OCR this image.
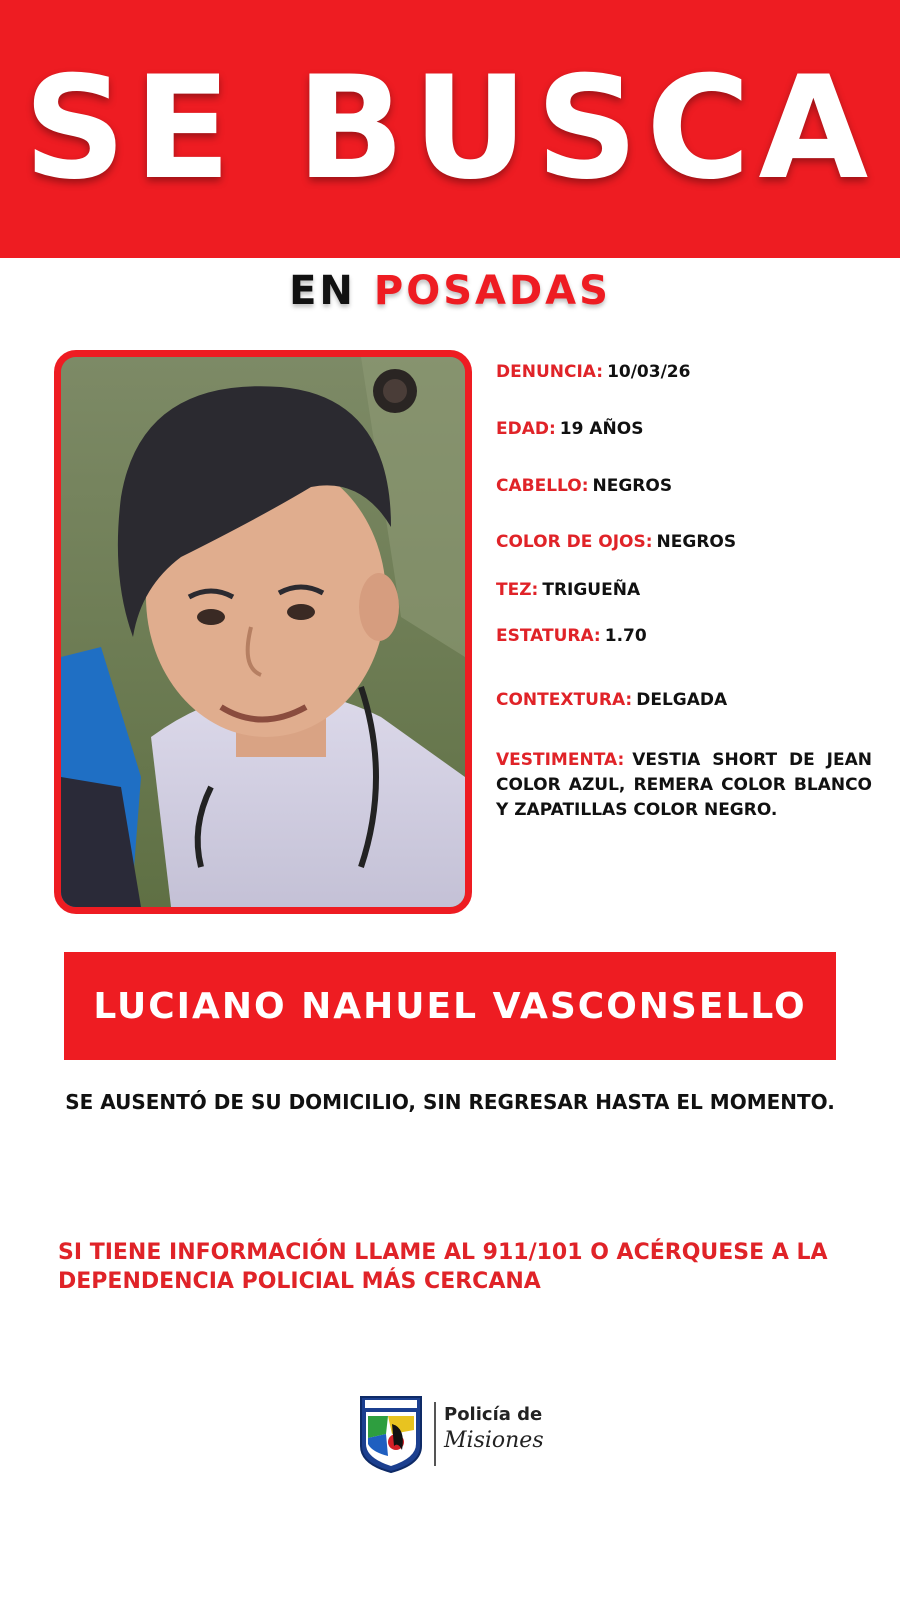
SE BUSCA
EN POSADAS
DENUNCIA: 10/03/26
EDAD: 19 AÑOS
CABELLO: NEGROS
COLOR DE OJOS: NEGROS
TEZ: TRIGUEÑA
ESTATURA: 1.70
CONTEXTURA: DELGADA
VESTIMENTA: VESTIA SHORT DE JEAN COLOR AZUL, REMERA COLOR BLANCO Y ZAPATILLAS COLOR NEGRO.
LUCIANO NAHUEL VASCONSELLO
SE AUSENTÓ DE SU DOMICILIO, SIN REGRESAR HASTA EL MOMENTO.
SI TIENE INFORMACIÓN LLAME AL 911/101 O ACÉRQUESE A LA DEPENDENCIA POLICIAL MÁS CERCANA
Policía de
Misiones
